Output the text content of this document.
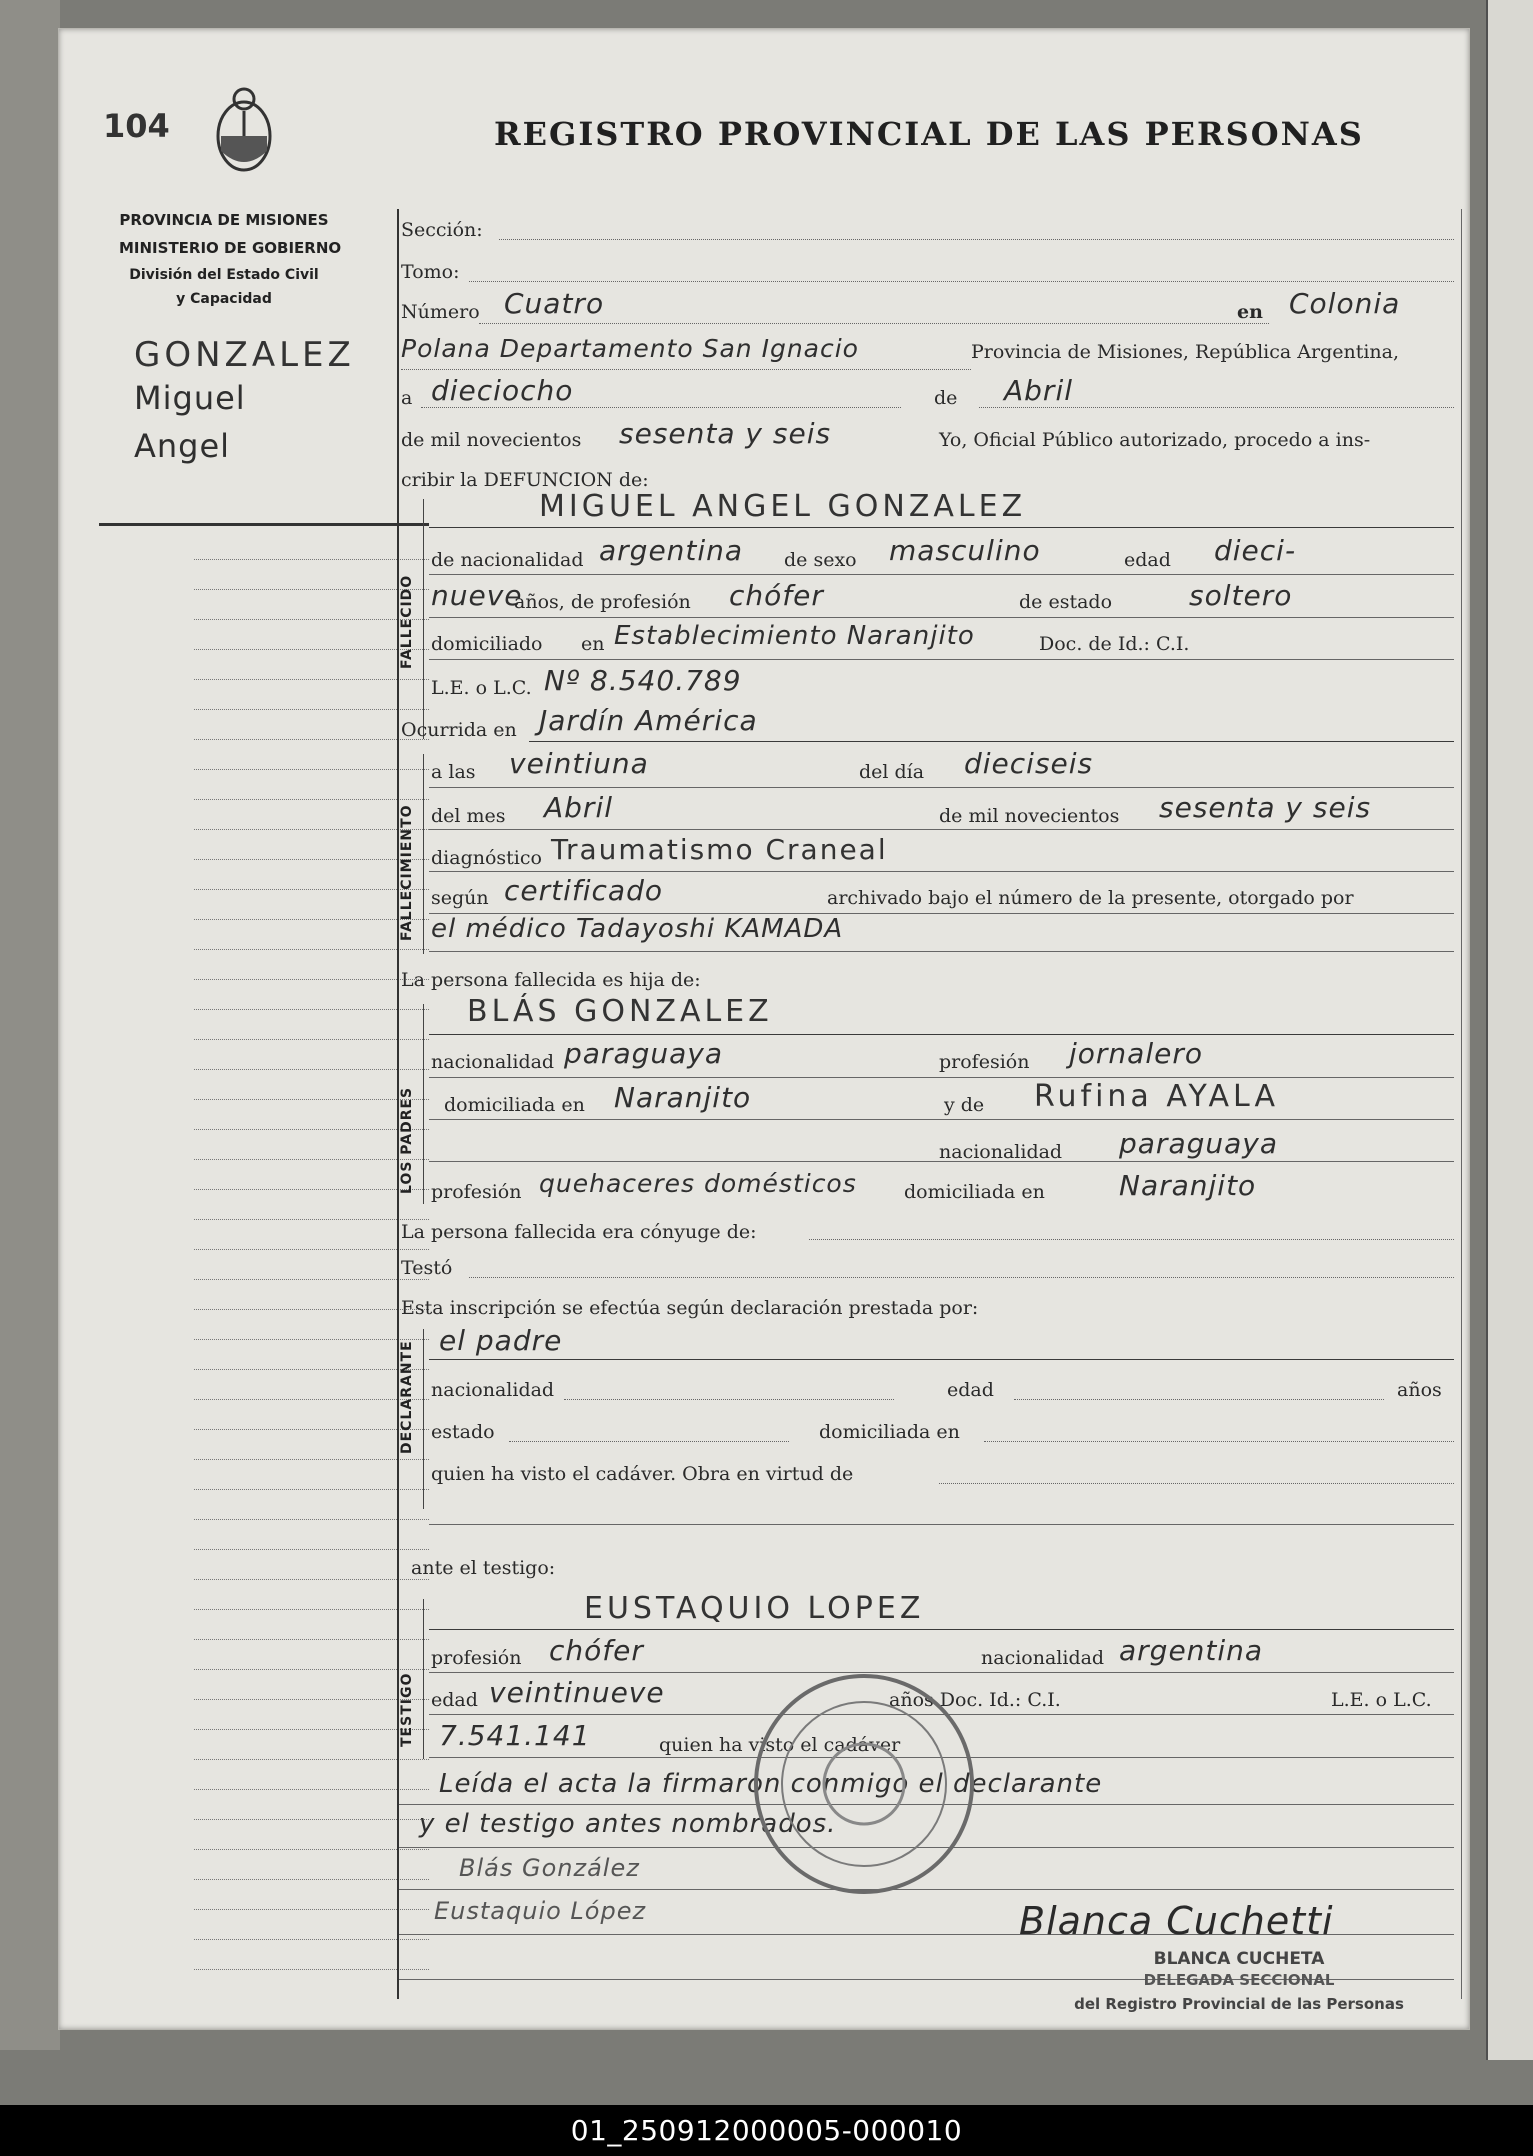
104	REGISTRO PROVINCIAL DE LAS PERSONAS
PROVINCIA DE MISIONES
MINISTERIO DE GOBIERNO
División del Estado Civil
y Capacidad
GONZALEZ
Miguel
Angel
Sección:
Tomo:
Número Cuatro	en Colonia
Polana Departamento San Ignacio	Provincia de Misiones, República Argentina,
a dieciocho	de Abril
de mil novecientos sesenta y seis	Yo, Oficial Público autorizado, procedo a ins-
cribir la DEFUNCION de:
FALLECIDO
MIGUEL ANGEL GONZALEZ
de nacionalidad argentina de sexo masculino	edad dieci-
nueve
años, de profesión chófer	de estado	soltero
domiciliado en Establecimiento Naranjito	Doc. de Id.: C.I.
L.E. o L.C. Nº 8.540.789
Ocurrida en Jardín América
FALLECIMIENTO
a las veintiuna	del día dieciseis
del mes Abril	de mil novecientos sesenta y seis
diagnóstico Traumatismo Craneal
según certificado	archivado bajo el número de la presente, otorgado por
el médico Tadayoshi KAMADA
La persona fallecida es hija de:
LOS PADRES
BLÁS GONZALEZ
nacionalidad paraguaya	profesión jornalero
domiciliada en Naranjito	y de Rufina AYALA
nacionalidad paraguaya
profesión quehaceres domésticos domiciliada en	Naranjito
La persona fallecida era cónyuge de:
Testó
Esta inscripción se efectúa según declaración prestada por:
DECLARANTE el padre
nacionalidad	edad	años
estado	domiciliada en
quien ha visto el cadáver. Obra en virtud de
ante el testigo:
TESTIGO
EUSTAQUIO LOPEZ
profesión chófer	nacionalidad argentina
edad veintinueve	años Doc. Id.: C.I.	L.E. o L.C.
7.541.141	quien ha visto el cadáver
Leída el acta la firmaron conmigo el declarante
y el testigo antes nombrados.
Blás González
Eustaquio López	Blanca Cuchetti
BLANCA CUCHETA
DELEGADA SECCIONAL
del Registro Provincial de las Personas
01_250912000005-000010
